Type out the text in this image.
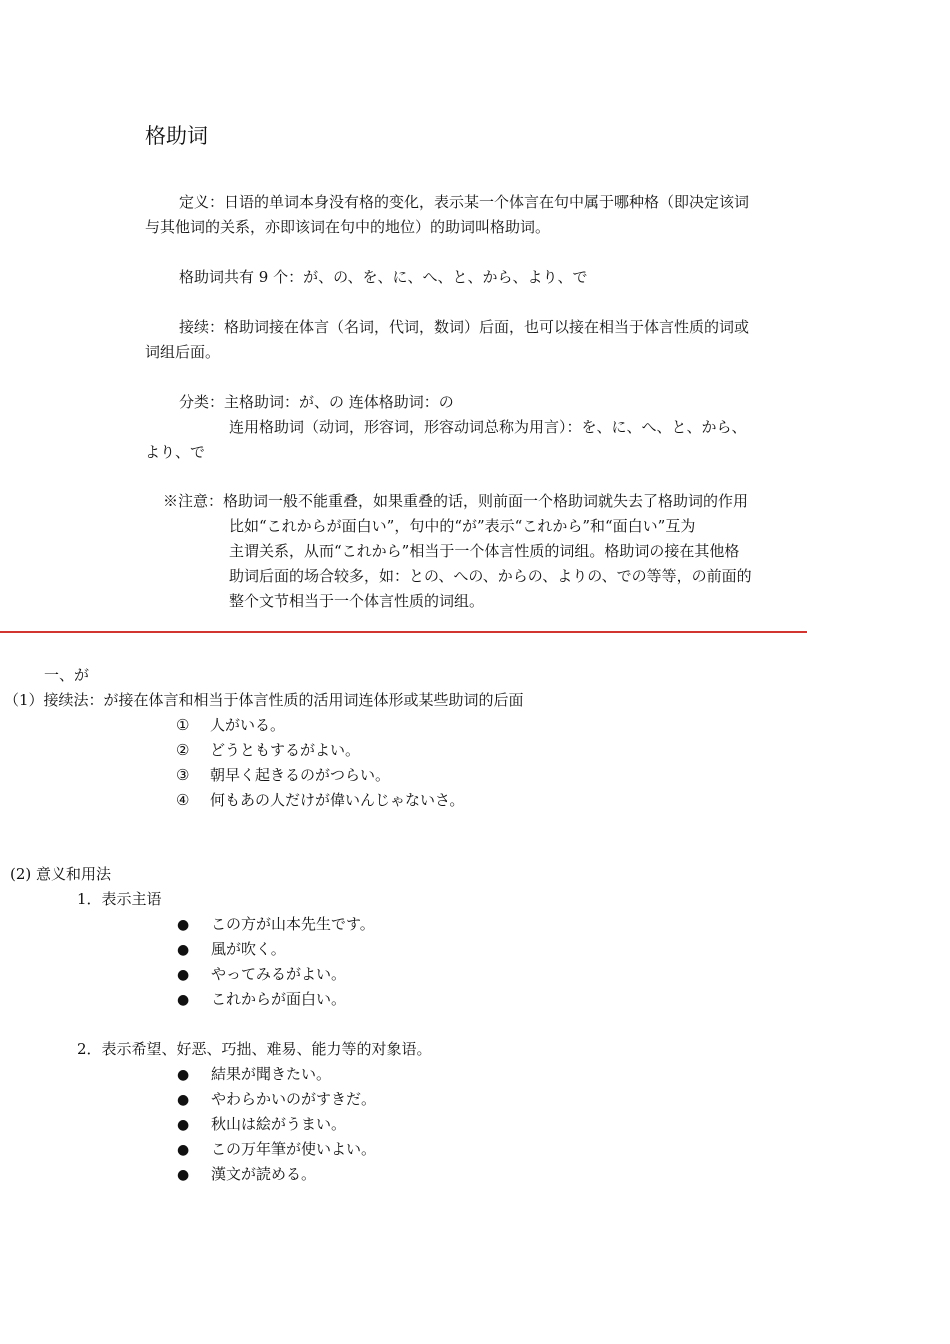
格助词
定义：日语的单词本身没有格的变化，表示某一个体言在句中属于哪种格（即决定该词
与其他词的关系，亦即该词在句中的地位）的助词叫格助词。
格助词共有 9 个：が、の、を、に、へ、と、から、より、で
接续：格助词接在体言（名词，代词，数词）后面，也可以接在相当于体言性质的词或
词组后面。
分类：主格助词：が、の 连体格助词：の
连用格助词（动词，形容词，形容动词总称为用言）：を、に、へ、と、から、
より、で
※注意：格助词一般不能重叠，如果重叠的话，则前面一个格助词就失去了格助词的作用
比如“これからが面白い”，句中的“が”表示“これから”和“面白い”互为
主谓关系，从而“これから”相当于一个体言性质的词组。格助词の接在其他格
助词后面的场合较多，如：との、への、からの、よりの、での等等，の前面的
整个文节相当于一个体言性质的词组。
一、が
（1）接续法：が接在体言和相当于体言性质的活用词连体形或某些助词的后面
① 人がいる。
② どうともするがよい。
③ 朝早く起きるのがつらい。
④ 何もあの人だけが偉いんじゃないさ。
(2) 意义和用法
1．表示主语
● この方が山本先生です。
● 風が吹く。
● やってみるがよい。
● これからが面白い。
2．表示希望、好恶、巧拙、难易、能力等的对象语。
● 結果が聞きたい。
● やわらかいのがすきだ。
● 秋山は絵がうまい。
● この万年筆が使いよい。
● 漢文が読める。
